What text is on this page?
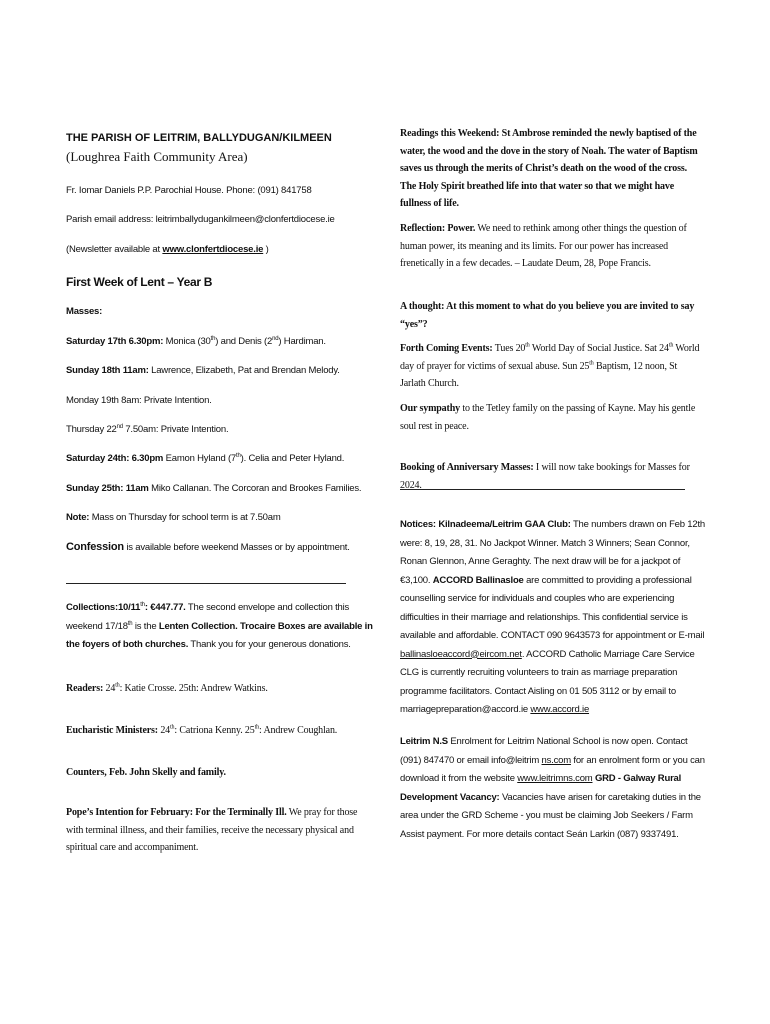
THE PARISH OF LEITRIM, BALLYDUGAN/KILMEEN (Loughrea Faith Community Area)
Fr. Iomar Daniels P.P. Parochial House. Phone: (091) 841758
Parish email address: leitrimballydugankilmeen@clonfertdiocese.ie
(Newsletter available at www.clonfertdiocese.ie )
First Week of Lent – Year B
Masses:
Saturday 17th 6.30pm: Monica (30th) and Denis (2nd) Hardiman.
Sunday 18th 11am: Lawrence, Elizabeth, Pat and Brendan Melody.
Monday 19th 8am: Private Intention.
Thursday 22nd 7.50am: Private Intention.
Saturday 24th: 6.30pm Eamon Hyland (7th). Celia and Peter Hyland.
Sunday 25th: 11am Miko Callanan. The Corcoran and Brookes Families.
Note: Mass on Thursday for school term is at 7.50am
Confession is available before weekend Masses or by appointment.
Collections:10/11th: €447.77. The second envelope and collection this weekend 17/18th is the Lenten Collection. Trocaire Boxes are available in the foyers of both churches. Thank you for your generous donations.
Readers: 24th: Katie Crosse. 25th: Andrew Watkins.
Eucharistic Ministers: 24th: Catriona Kenny. 25th: Andrew Coughlan.
Counters, Feb. John Skelly and family.
Pope’s Intention for February: For the Terminally Ill. We pray for those with terminal illness, and their families, receive the necessary physical and spiritual care and accompaniment.
Readings this Weekend: St Ambrose reminded the newly baptised of the water, the wood and the dove in the story of Noah. The water of Baptism saves us through the merits of Christ’s death on the wood of the cross. The Holy Spirit breathed life into that water so that we might have fullness of life.
Reflection: Power. We need to rethink among other things the question of human power, its meaning and its limits. For our power has increased frenetically in a few decades. – Laudate Deum, 28, Pope Francis.
A thought: At this moment to what do you believe you are invited to say “yes”?
Forth Coming Events: Tues 20th World Day of Social Justice. Sat 24th World day of prayer for victims of sexual abuse. Sun 25th Baptism, 12 noon, St Jarlath Church.
Our sympathy to the Tetley family on the passing of Kayne. May his gentle soul rest in peace.
Booking of Anniversary Masses: I will now take bookings for Masses for 2024.
Notices: Kilnadeema/Leitrim GAA Club: The numbers drawn on Feb 12th were: 8, 19, 28, 31. No Jackpot Winner. Match 3 Winners; Sean Connor, Ronan Glennon, Anne Geraghty. The next draw will be for a jackpot of €3,100. ACCORD Ballinasloe are committed to providing a professional counselling service for individuals and couples who are experiencing difficulties in their marriage and relationships. This confidential service is available and affordable. CONTACT 090 9643573 for appointment or E-mail ballinasloeaccord@eircom.net. ACCORD Catholic Marriage Care Service CLG is currently recruiting volunteers to train as marriage preparation programme facilitators. Contact Aisling on 01 505 3112 or by email to marriagepreparation@accord.ie www.accord.ie
Leitrim N.S Enrolment for Leitrim National School is now open. Contact (091) 847470 or email info@leitrim ns.com for an enrolment form or you can download it from the website www.leitrimns.com GRD - Galway Rural Development Vacancy: Vacancies have arisen for caretaking duties in the area under the GRD Scheme - you must be claiming Job Seekers / Farm Assist payment. For more details contact Seán Larkin (087) 9337491.
